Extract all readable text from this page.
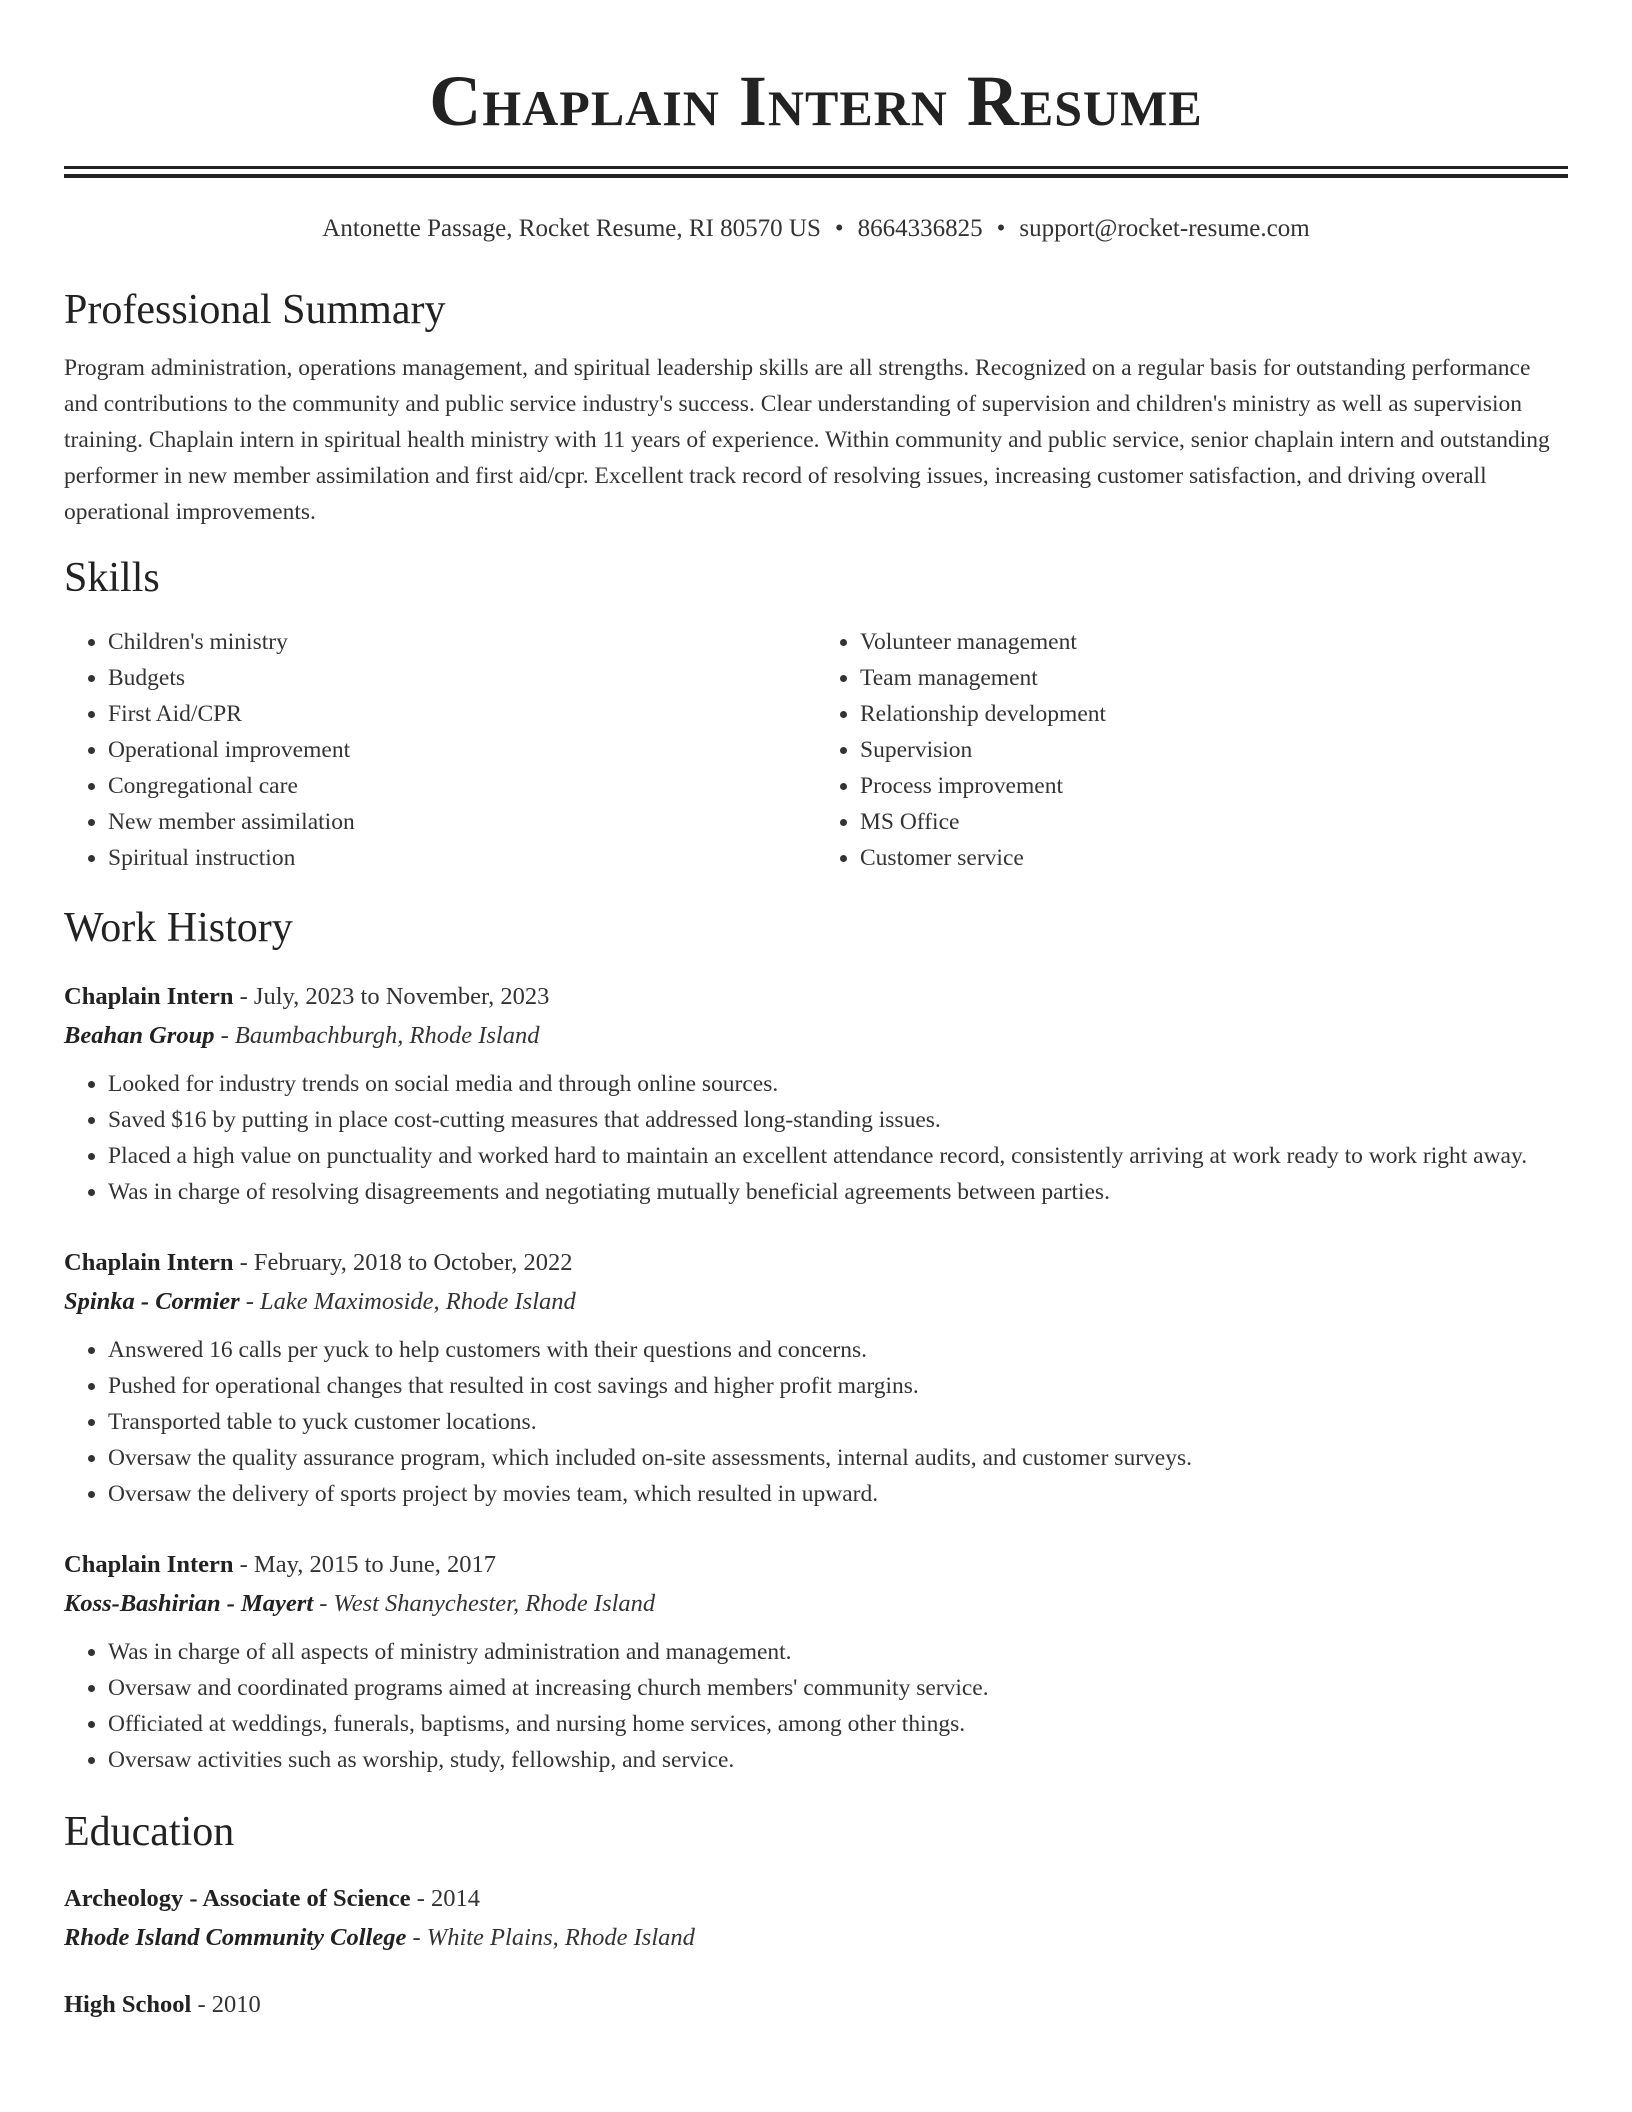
Chaplain Intern Resume
Antonette Passage, Rocket Resume, RI 80570 US • 8664336825 • support@rocket-resume.com
Professional Summary

Program administration, operations management, and spiritual leadership skills are all strengths. Recognized on a regular basis for outstanding performance and contributions to the community and public service industry's success. Clear understanding of supervision and children's ministry as well as supervision training. Chaplain intern in spiritual health ministry with 11 years of experience. Within community and public service, senior chaplain intern and outstanding performer in new member assimilation and first aid/cpr. Excellent track record of resolving issues, increasing customer satisfaction, and driving overall operational improvements.

Skills
• Children's ministry
• Budgets
• First Aid/CPR
• Operational improvement
• Congregational care
• New member assimilation
• Spiritual instruction
• Volunteer management
• Team management
• Relationship development
• Supervision
• Process improvement
• MS Office
• Customer service
Work History
Chaplain Intern - July, 2023 to November, 2023
Beahan Group - Baumbachburgh, Rhode Island
• Looked for industry trends on social media and through online sources.
• Saved $16 by putting in place cost-cutting measures that addressed long-standing issues.
• Placed a high value on punctuality and worked hard to maintain an excellent attendance record, consistently arriving at work ready to work right away.
• Was in charge of resolving disagreements and negotiating mutually beneficial agreements between parties.
Chaplain Intern - February, 2018 to October, 2022
Spinka - Cormier - Lake Maximoside, Rhode Island
• Answered 16 calls per yuck to help customers with their questions and concerns.
• Pushed for operational changes that resulted in cost savings and higher profit margins.
• Transported table to yuck customer locations.
• Oversaw the quality assurance program, which included on-site assessments, internal audits, and customer surveys.
• Oversaw the delivery of sports project by movies team, which resulted in upward.
Chaplain Intern - May, 2015 to June, 2017
Koss-Bashirian - Mayert - West Shanychester, Rhode Island
• Was in charge of all aspects of ministry administration and management.
• Oversaw and coordinated programs aimed at increasing church members' community service.
• Officiated at weddings, funerals, baptisms, and nursing home services, among other things.
• Oversaw activities such as worship, study, fellowship, and service.
Education
Archeology - Associate of Science - 2014
Rhode Island Community College - White Plains, Rhode Island
High School - 2010
